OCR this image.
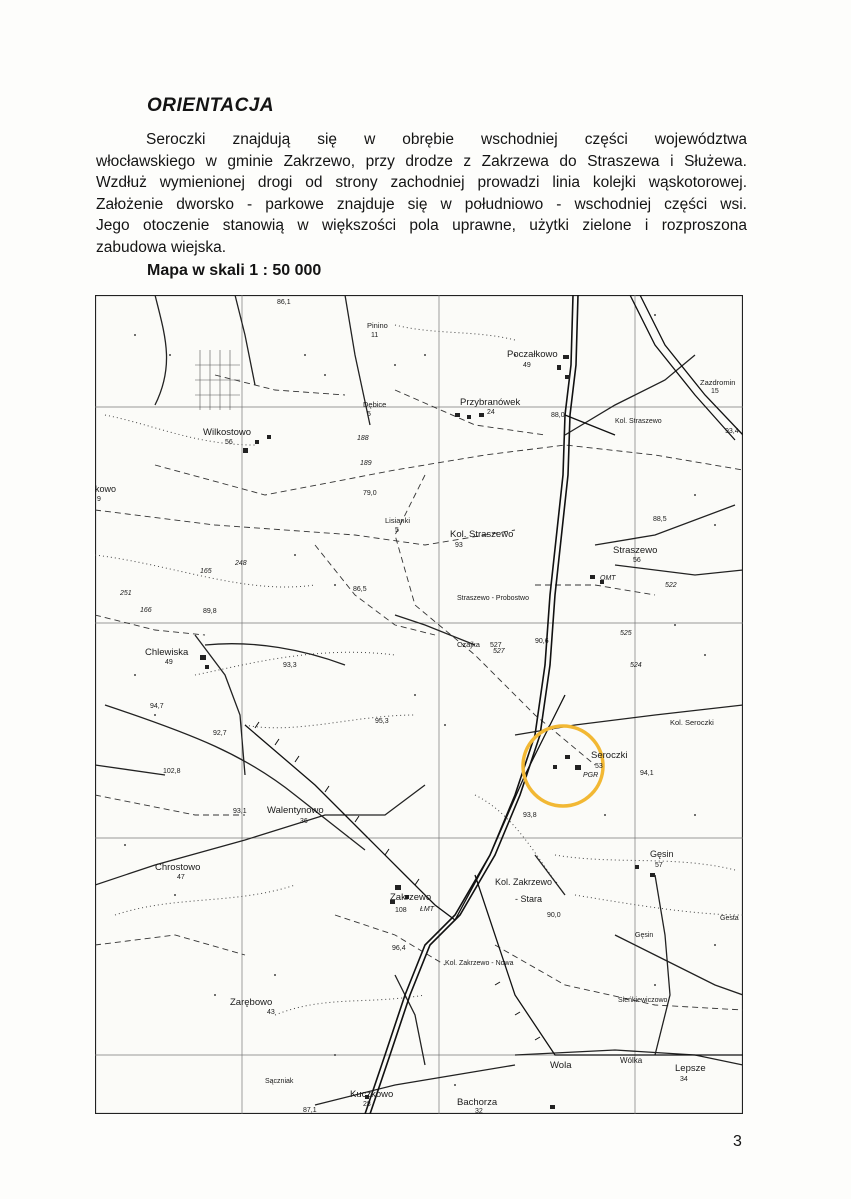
ORIENTACJA
Seroczki znajdują się w obrębie wschodniej części województwa
włocławskiego w gminie Zakrzewo, przy drodze z Zakrzewa do Straszewa i Służewa.
Wzdłuż wymienionej drogi od strony zachodniej prowadzi linia kolejki wąskotorowej.
Założenie dworsko - parkowe znajduje się w południowo - wschodniej części wsi.
Jego otoczenie stanowią w większości pola uprawne, użytki zielone i rozproszona
zabudowa wiejska.
Mapa w skali 1 : 50 000
Poczałkowo
49
Przybranówek
24
Wilkostowo
56
Dębice
5
Pinino
11
Zazdromin
15
Kol. Straszewo
93	Straszewo
56
Lisianki
5
Chlewiska
49
Seroczki
53
Kol. Seroczki
Walentynowo
36
Chrostowo
47
Zakrzewo
108
Kol. Zakrzewo -
- Stara
Kol. Zakrzewo - Nowa
Gęsin
57
Zarębowo
43
Sieńkiewiczowo
Wola	Wólka
Lepsze
34
Kuczkowo
28	Bachorza
32
Sączniak
Straszewo - Probostwo
Czajka 527
Kol. Straszewo
kowo
9
Gęsin
Gesta
86,1
88,0
93,4
79,0
88,5
89,8
86,5
90,6
93,3
94,7
95,3
92,7
102,8
93,1
93,8
90,0
96,4
94,1
87,1
OMT
PGR
ŁMT
525
522
524
527
188
189
165
166
251
248
3
